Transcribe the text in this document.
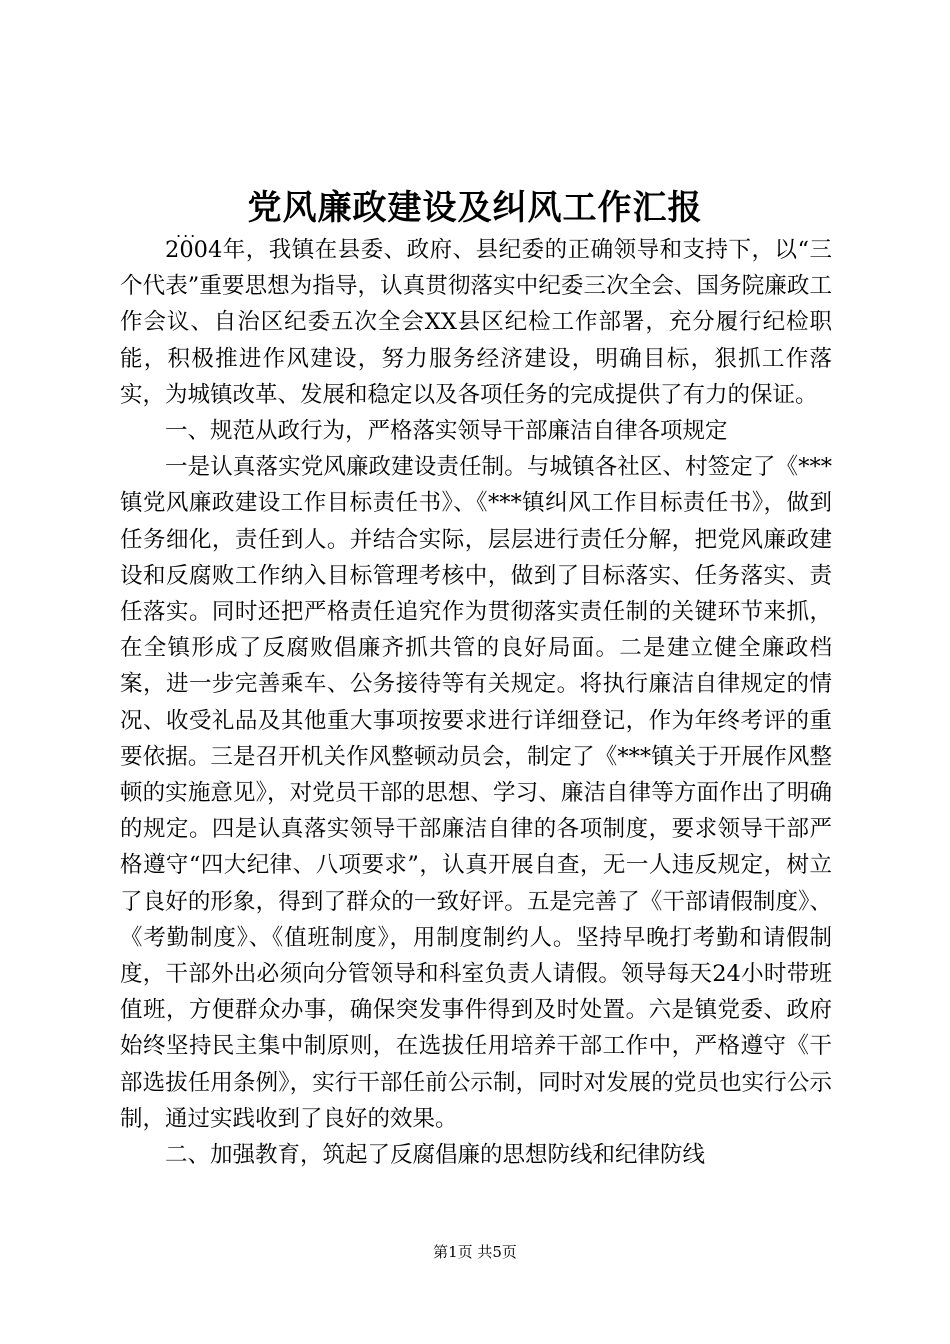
党风廉政建设及纠风工作汇报
...

2004年，我镇在县委、政府、县纪委的正确领导和支持下，以“三个代表”重要思想为指导，认真贯彻落实中纪委三次全会、国务院廉政工作会议、自治区纪委五次全会XX县区纪检工作部署，充分履行纪检职能，积极推进作风建设，努力服务经济建设，明确目标，狠抓工作落实，为城镇改革、发展和稳定以及各项任务的完成提供了有力的保证。

一、规范从政行为，严格落实领导干部廉洁自律各项规定

一是认真落实党风廉政建设责任制。与城镇各社区、村签定了《***镇党风廉政建设工作目标责任书》、《***镇纠风工作目标责任书》，做到任务细化，责任到人。并结合实际，层层进行责任分解，把党风廉政建设和反腐败工作纳入目标管理考核中，做到了目标落实、任务落实、责任落实。同时还把严格责任追究作为贯彻落实责任制的关键环节来抓，在全镇形成了反腐败倡廉齐抓共管的良好局面。二是建立健全廉政档案，进一步完善乘车、公务接待等有关规定。将执行廉洁自律规定的情况、收受礼品及其他重大事项按要求进行详细登记，作为年终考评的重要依据。三是召开机关作风整顿动员会，制定了《***镇关于开展作风整顿的实施意见》，对党员干部的思想、学习、廉洁自律等方面作出了明确的规定。四是认真落实领导干部廉洁自律的各项制度，要求领导干部严格遵守“四大纪律、八项要求”，认真开展自查，无一人违反规定，树立了良好的形象，得到了群众的一致好评。五是完善了《干部请假制度》、《考勤制度》、《值班制度》，用制度制约人。坚持早晚打考勤和请假制度，干部外出必须向分管领导和科室负责人请假。领导每天24小时带班值班，方便群众办事，确保突发事件得到及时处置。六是镇党委、政府始终坚持民主集中制原则，在选拔任用培养干部工作中，严格遵守《干部选拔任用条例》，实行干部任前公示制，同时对发展的党员也实行公示制，通过实践收到了良好的效果。

二、加强教育，筑起了反腐倡廉的思想防线和纪律防线

第1页 共5页
